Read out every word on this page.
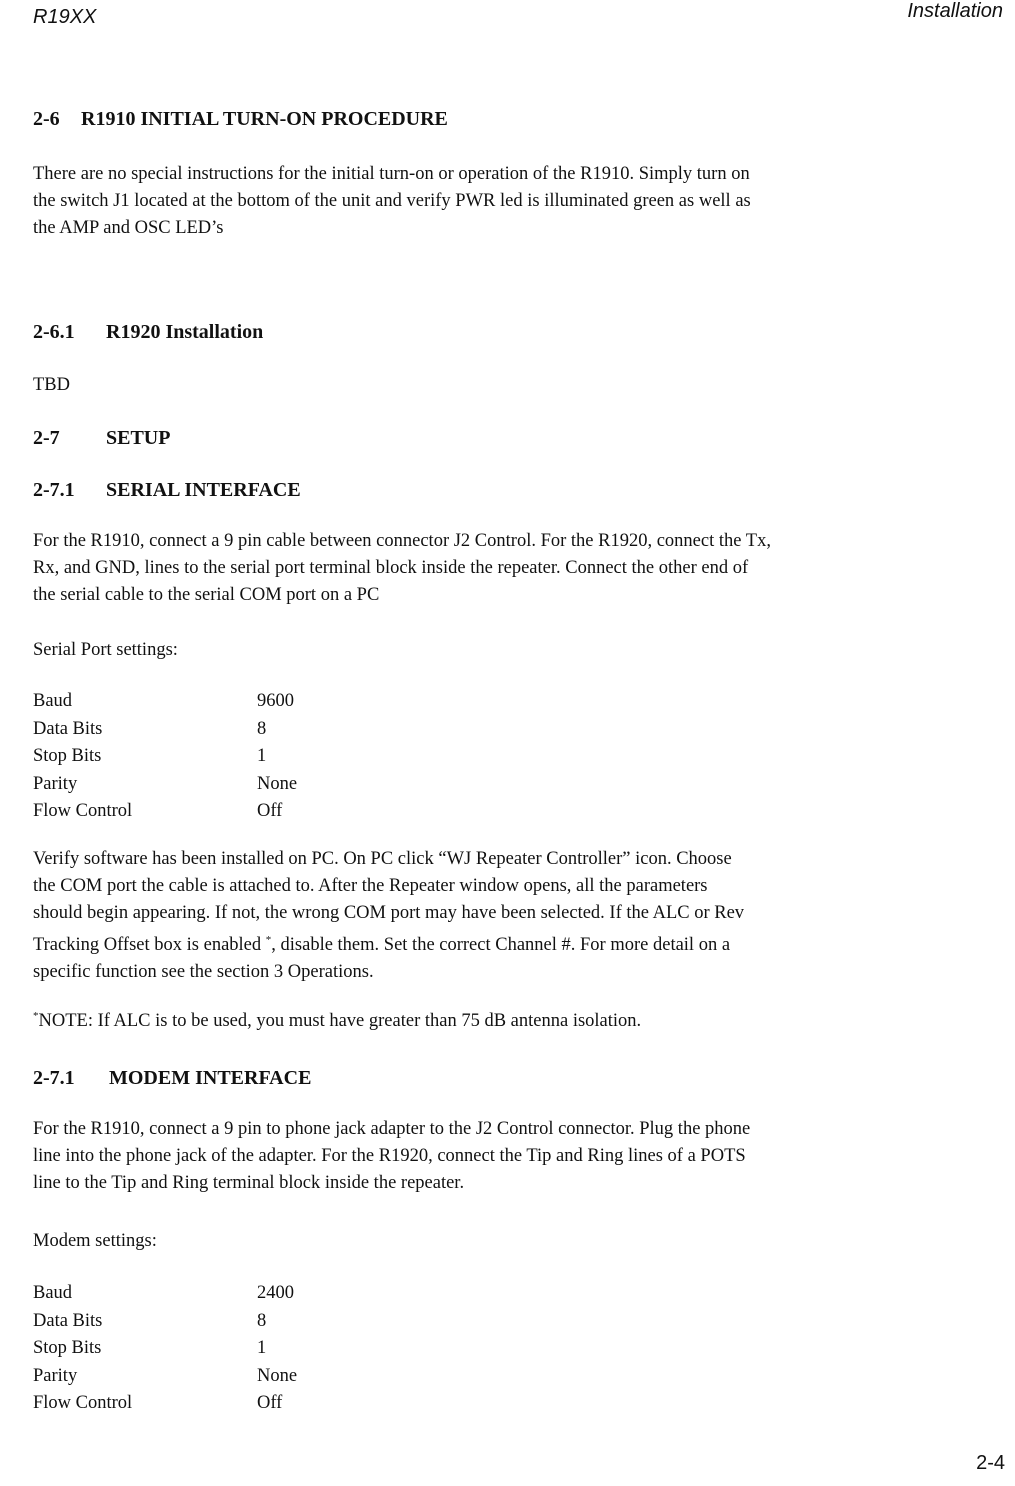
R19XX	Installation
2-6 R1910 INITIAL TURN-ON PROCEDURE
There are no special instructions for the initial turn-on or operation of the R1910. Simply turn on
the switch J1 located at the bottom of the unit and verify PWR led is illuminated green as well as
the AMP and OSC LED’s
2-6.1 R1920 Installation
TBD
2-7 SETUP
2-7.1 SERIAL INTERFACE
For the R1910, connect a 9 pin cable between connector J2 Control. For the R1920, connect the Tx,
Rx, and GND, lines to the serial port terminal block inside the repeater. Connect the other end of
the serial cable to the serial COM port on a PC
Serial Port settings:
Baud	9600
Data Bits	8
Stop Bits	1
Parity	None
Flow Control	Off
Verify software has been installed on PC. On PC click “WJ Repeater Controller” icon. Choose
the COM port the cable is attached to. After the Repeater window opens, all the parameters
should begin appearing. If not, the wrong COM port may have been selected. If the ALC or Rev
Tracking Offset box is enabled *, disable them. Set the correct Channel #. For more detail on a
specific function see the section 3 Operations.
*NOTE: If ALC is to be used, you must have greater than 75 dB antenna isolation.
2-7.1 MODEM INTERFACE
For the R1910, connect a 9 pin to phone jack adapter to the J2 Control connector. Plug the phone
line into the phone jack of the adapter. For the R1920, connect the Tip and Ring lines of a POTS
line to the Tip and Ring terminal block inside the repeater.
Modem settings:
Baud	2400
Data Bits	8
Stop Bits	1
Parity	None
Flow Control	Off
2-4
